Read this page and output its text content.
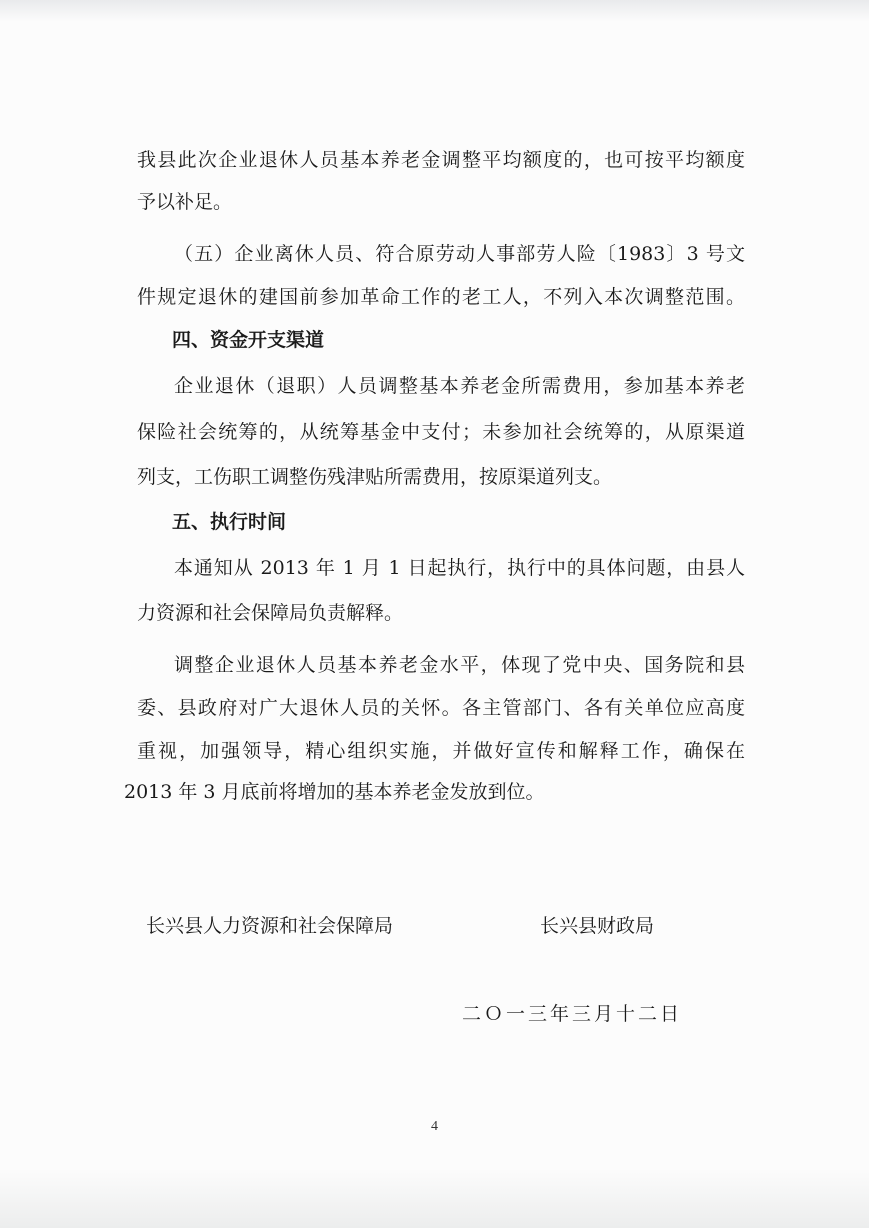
我县此次企业退休人员基本养老金调整平均额度的，也可按平均额度
予以补足。
（五）企业离休人员、符合原劳动人事部劳人险〔1983〕3 号文
件规定退休的建国前参加革命工作的老工人，不列入本次调整范围。
四、资金开支渠道
企业退休（退职）人员调整基本养老金所需费用，参加基本养老
保险社会统筹的，从统筹基金中支付；未参加社会统筹的，从原渠道
列支，工伤职工调整伤残津贴所需费用，按原渠道列支。
五、执行时间
本通知从 2013 年 1 月 1 日起执行，执行中的具体问题，由县人
力资源和社会保障局负责解释。
调整企业退休人员基本养老金水平，体现了党中央、国务院和县
委、县政府对广大退休人员的关怀。各主管部门、各有关单位应高度
重视，加强领导，精心组织实施，并做好宣传和解释工作，确保在
2013 年 3 月底前将增加的基本养老金发放到位。
长兴县人力资源和社会保障局	长兴县财政局
二Ｏ一三年三月十二日
4
